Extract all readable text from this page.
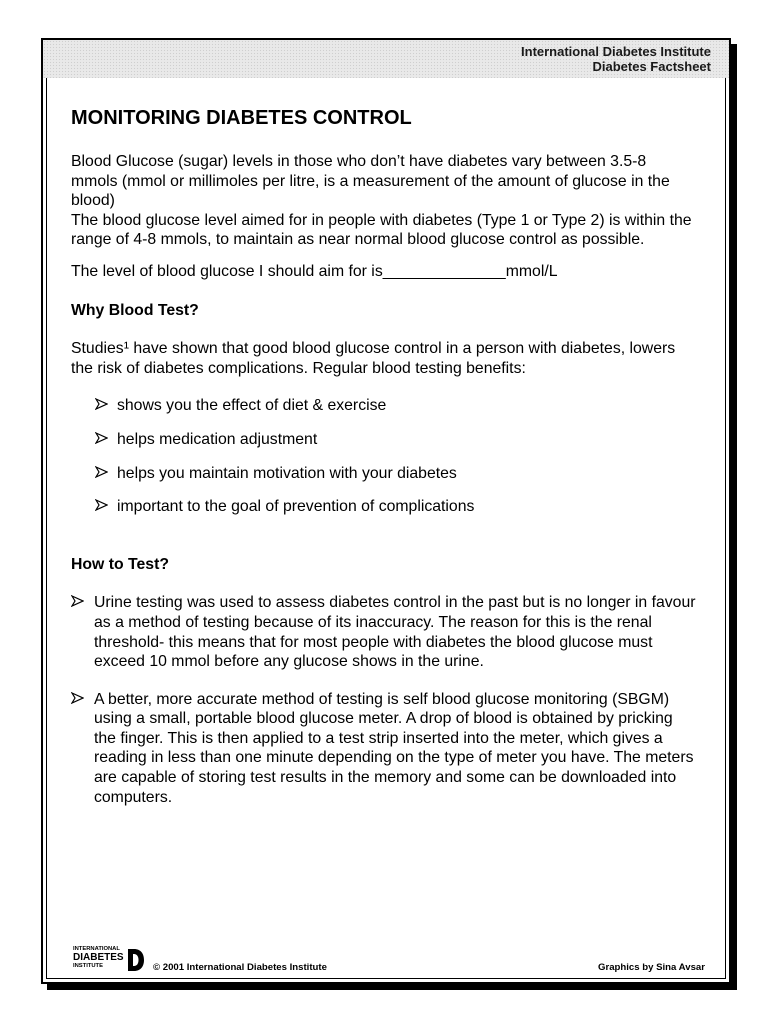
International Diabetes Institute
Diabetes Factsheet
MONITORING DIABETES CONTROL

Blood Glucose (sugar) levels in those who don’t have diabetes vary between 3.5-8 mmols (mmol or millimoles per litre, is a measurement of the amount of glucose in the blood)

The blood glucose level aimed for in people with diabetes (Type 1 or Type 2) is within the range of 4-8 mmols, to maintain as near normal blood glucose control as possible.

The level of blood glucose I should aim for is______________mmol/L

Why Blood Test?

Studies¹ have shown that good blood glucose control in a person with diabetes, lowers the risk of diabetes complications. Regular blood testing benefits:

shows you the effect of diet & exercise
helps medication adjustment
helps you maintain motivation with your diabetes
important to the goal of prevention of complications

How to Test?

Urine testing was used to assess diabetes control in the past but is no longer in favour as a method of testing because of its inaccuracy. The reason for this is the renal threshold- this means that for most people with diabetes the blood glucose must exceed 10 mmol before any glucose shows in the urine.
A better, more accurate method of testing is self blood glucose monitoring (SBGM) using a small, portable blood glucose meter. A drop of blood is obtained by pricking the finger. This is then applied to a test strip inserted into the meter, which gives a reading in less than one minute depending on the type of meter you have. The meters are capable of storing test results in the memory and some can be downloaded into computers.
INTERNATIONAL
DIABETES
INSTITUTE	© 2001 International Diabetes Institute	Graphics by Sina Avsar
